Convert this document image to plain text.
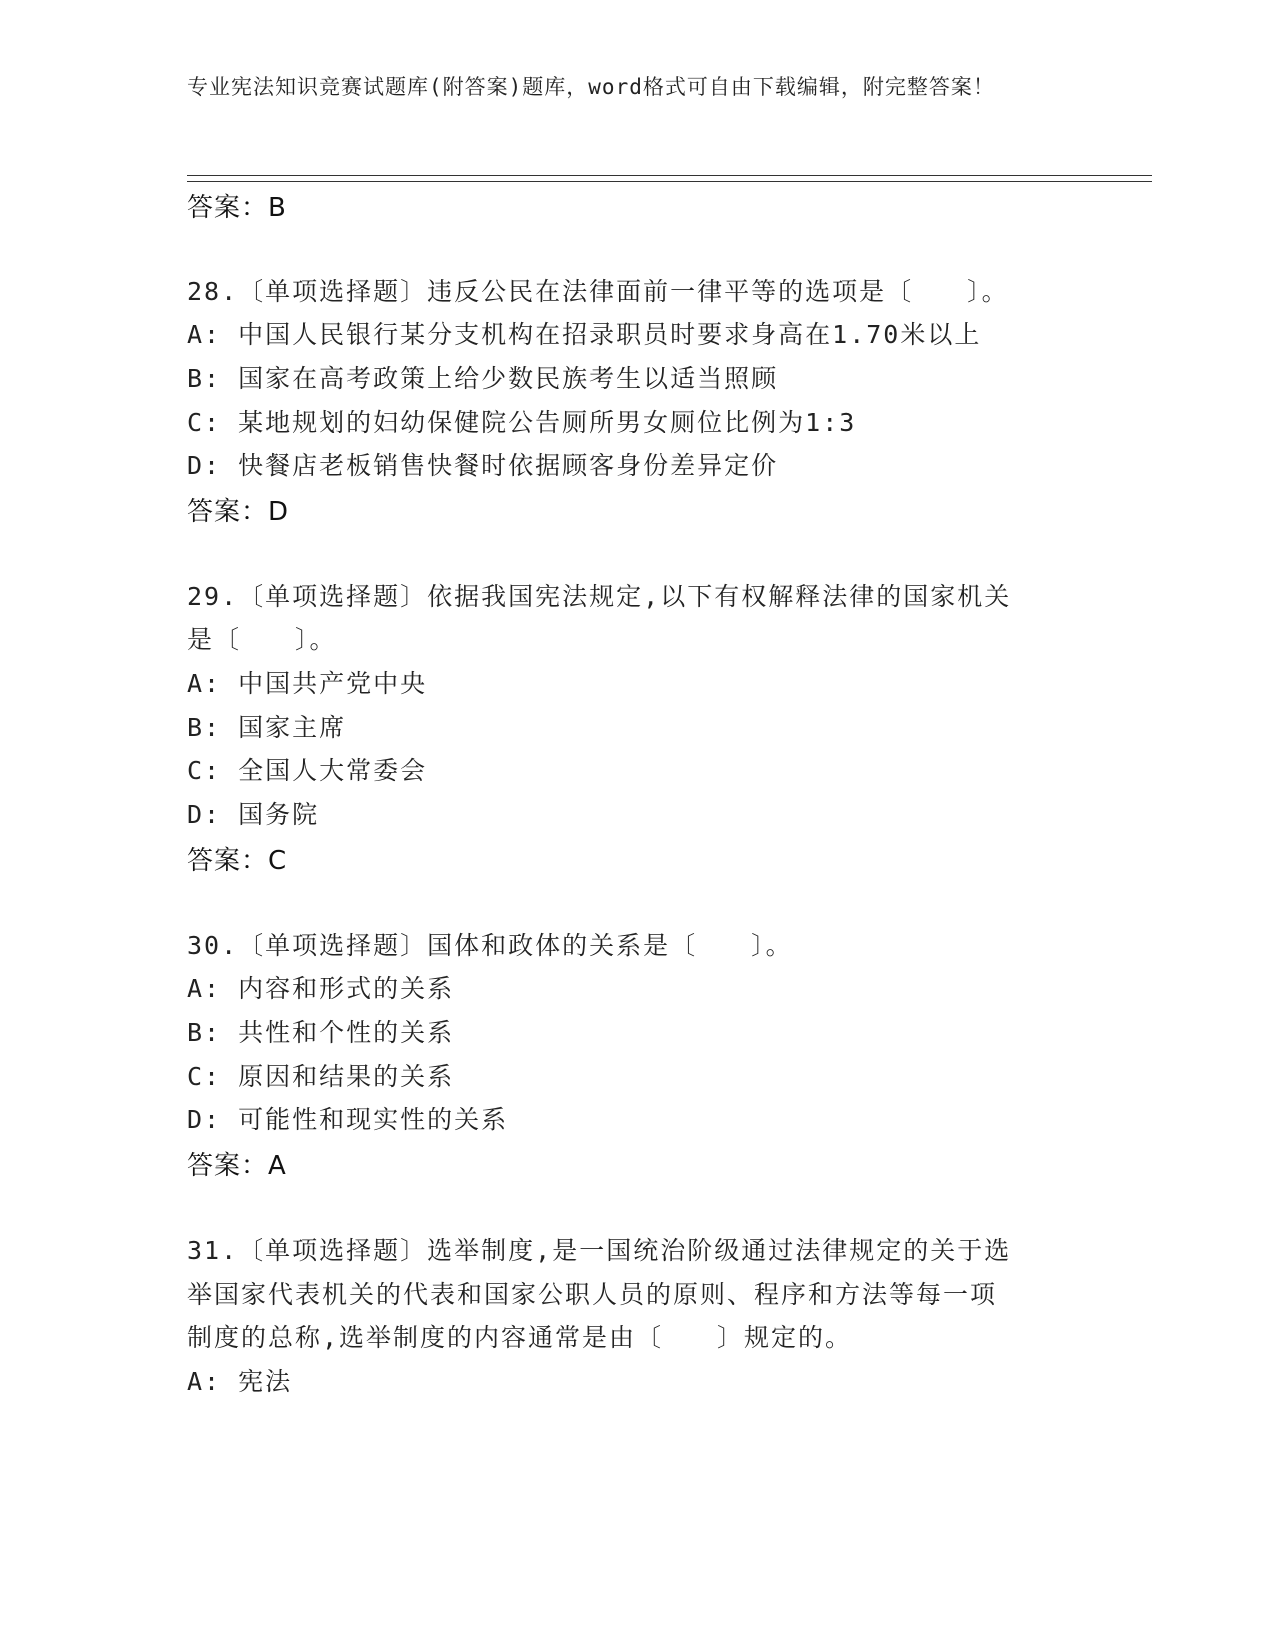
专业宪法知识竞赛试题库(附答案)题库，word格式可自由下载编辑，附完整答案！
答案：B
28.〔单项选择题〕违反公民在法律面前一律平等的选项是〔　　〕。
A: 中国人民银行某分支机构在招录职员时要求身高在1.70米以上
B: 国家在高考政策上给少数民族考生以适当照顾
C: 某地规划的妇幼保健院公告厕所男女厕位比例为1:3
D: 快餐店老板销售快餐时依据顾客身份差异定价
答案：D
29.〔单项选择题〕依据我国宪法规定,以下有权解释法律的国家机关
是〔　　〕。
A: 中国共产党中央
B: 国家主席
C: 全国人大常委会
D: 国务院
答案：C
30.〔单项选择题〕国体和政体的关系是〔　　〕。
A: 内容和形式的关系
B: 共性和个性的关系
C: 原因和结果的关系
D: 可能性和现实性的关系
答案：A
31.〔单项选择题〕选举制度,是一国统治阶级通过法律规定的关于选
举国家代表机关的代表和国家公职人员的原则、程序和方法等每一项
制度的总称,选举制度的内容通常是由〔　　〕规定的。
A: 宪法
